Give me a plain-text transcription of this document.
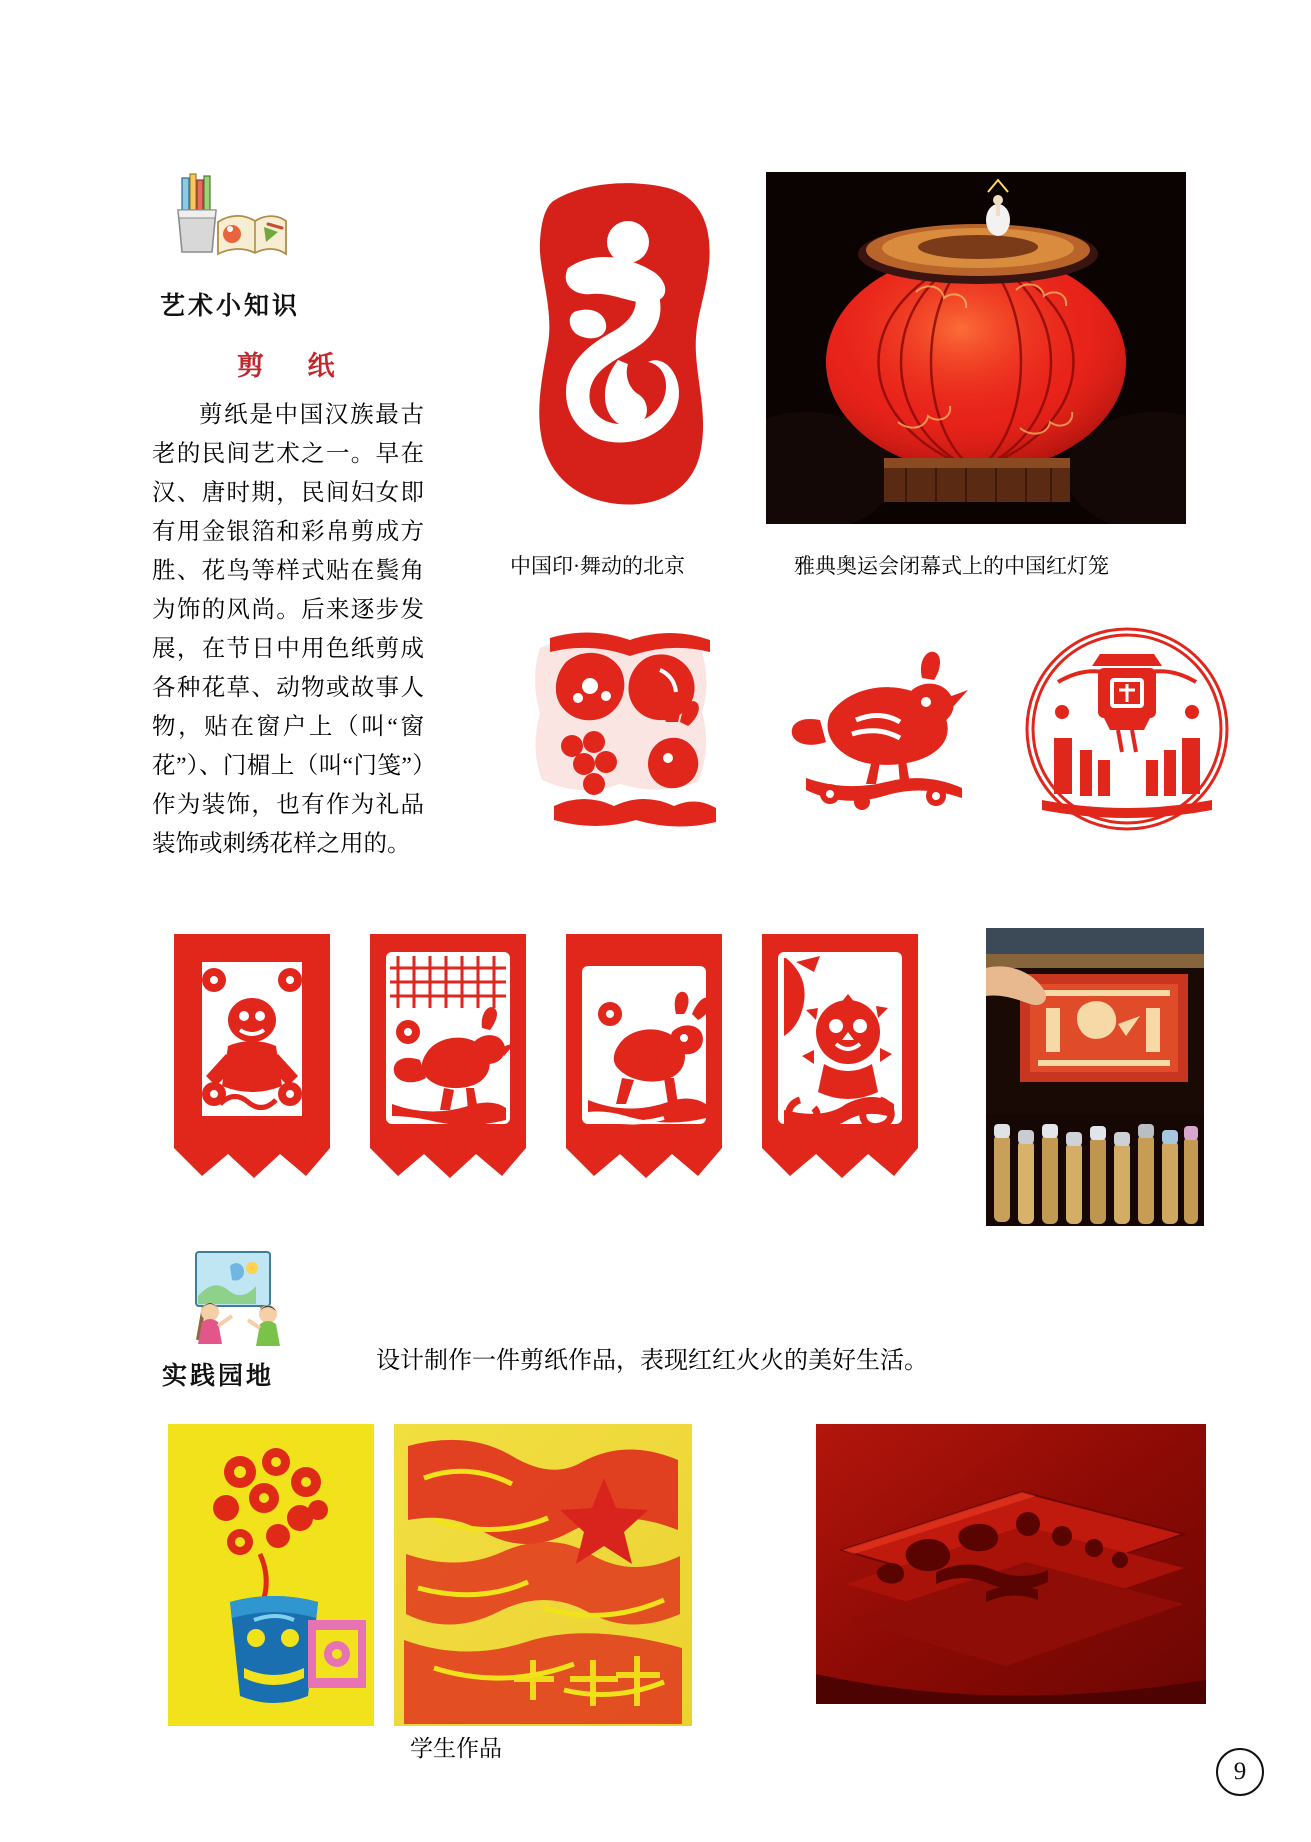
艺术小知识
剪 纸
剪纸是中国汉族最古老的民间艺术之一。早在汉、唐时期，民间妇女即有用金银箔和彩帛剪成方胜、花鸟等样式贴在鬓角为饰的风尚。后来逐步发展，在节日中用色纸剪成各种花草、动物或故事人物，贴在窗户上（叫“窗花”）、门楣上（叫“门笺”）作为装饰，也有作为礼品装饰或刺绣花样之用的。
中国印·舞动的北京	雅典奥运会闭幕式上的中国红灯笼
实践园地
设计制作一件剪纸作品，表现红红火火的美好生活。
学生作品
9
